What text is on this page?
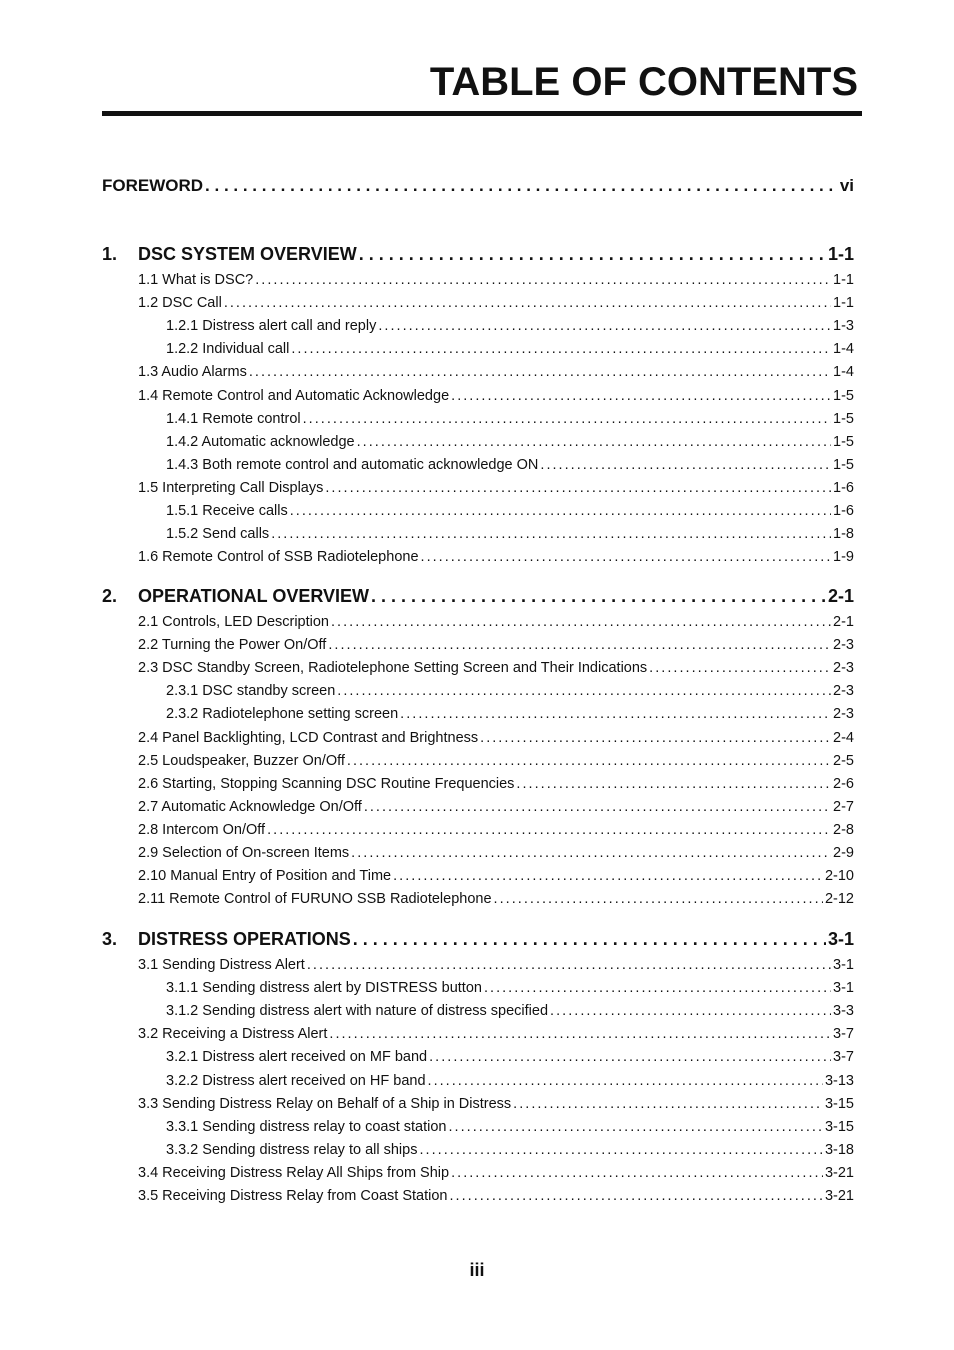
TABLE OF CONTENTS
FOREWORD . . .	vi
1. DSC SYSTEM OVERVIEW . . .	1-1
1.1 What is DSC? . . .	1-1
1.2 DSC Call . . .	1-1
1.2.1 Distress alert call and reply . . .	1-3
1.2.2 Individual call . . .	1-4
1.3 Audio Alarms . . .	1-4
1.4 Remote Control and Automatic Acknowledge . . .	1-5
1.4.1 Remote control . . .	1-5
1.4.2 Automatic acknowledge . . .	1-5
1.4.3 Both remote control and automatic acknowledge ON . . .	1-5
1.5 Interpreting Call Displays . . .	1-6
1.5.1 Receive calls . . .	1-6
1.5.2 Send calls . . .	1-8
1.6 Remote Control of SSB Radiotelephone . . .	1-9
2. OPERATIONAL OVERVIEW . . .	2-1
2.1 Controls, LED Description . . .	2-1
2.2 Turning the Power On/Off . . .	2-3
2.3 DSC Standby Screen, Radiotelephone Setting Screen and Their Indications . . .	2-3
2.3.1 DSC standby screen . . .	2-3
2.3.2 Radiotelephone setting screen . . .	2-3
2.4 Panel Backlighting, LCD Contrast and Brightness . . .	2-4
2.5 Loudspeaker, Buzzer On/Off . . .	2-5
2.6 Starting, Stopping Scanning DSC Routine Frequencies . . .	2-6
2.7 Automatic Acknowledge On/Off . . .	2-7
2.8 Intercom On/Off . . .	2-8
2.9 Selection of On-screen Items . . .	2-9
2.10 Manual Entry of Position and Time . . .	2-10
2.11 Remote Control of FURUNO SSB Radiotelephone . . .	2-12
3. DISTRESS OPERATIONS . . .	3-1
3.1 Sending Distress Alert . . .	3-1
3.1.1 Sending distress alert by DISTRESS button . . .	3-1
3.1.2 Sending distress alert with nature of distress specified . . .	3-3
3.2 Receiving a Distress Alert . . .	3-7
3.2.1 Distress alert received on MF band . . .	3-7
3.2.2 Distress alert received on HF band . . .	3-13
3.3 Sending Distress Relay on Behalf of a Ship in Distress . . .	3-15
3.3.1 Sending distress relay to coast station . . .	3-15
3.3.2 Sending distress relay to all ships . . .	3-18
3.4 Receiving Distress Relay All Ships from Ship . . .	3-21
3.5 Receiving Distress Relay from Coast Station . . .	3-21
iii
